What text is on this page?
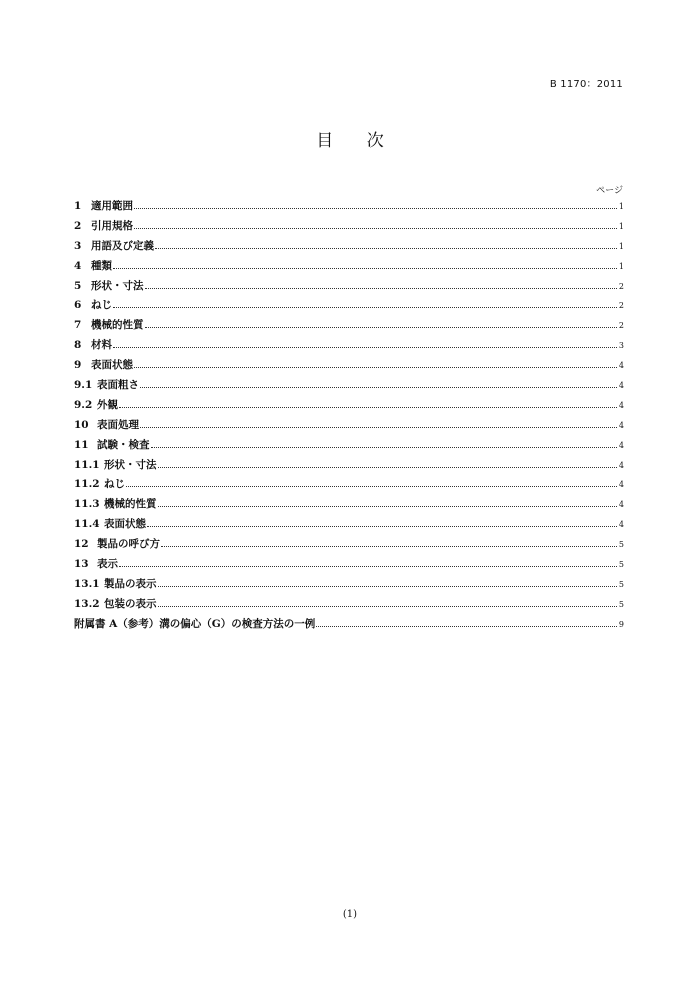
B 1170：2011
目 次
ページ
1 適用範囲	1
2 引用規格	1
3 用語及び定義	1
4 種類	1
5 形状・寸法	2
6 ねじ	2
7 機械的性質	2
8 材料	3
9 表面状態	4
9.1 表面粗さ	4
9.2 外観	4
10 表面処理	4
11 試験・検査	4
11.1 形状・寸法	4
11.2 ねじ	4
11.3 機械的性質	4
11.4 表面状態	4
12 製品の呼び方	5
13 表示	5
13.1 製品の表示	5
13.2 包装の表示	5
附属書 A（参考）溝の偏心（G）の検査方法の一例	9
(1)
